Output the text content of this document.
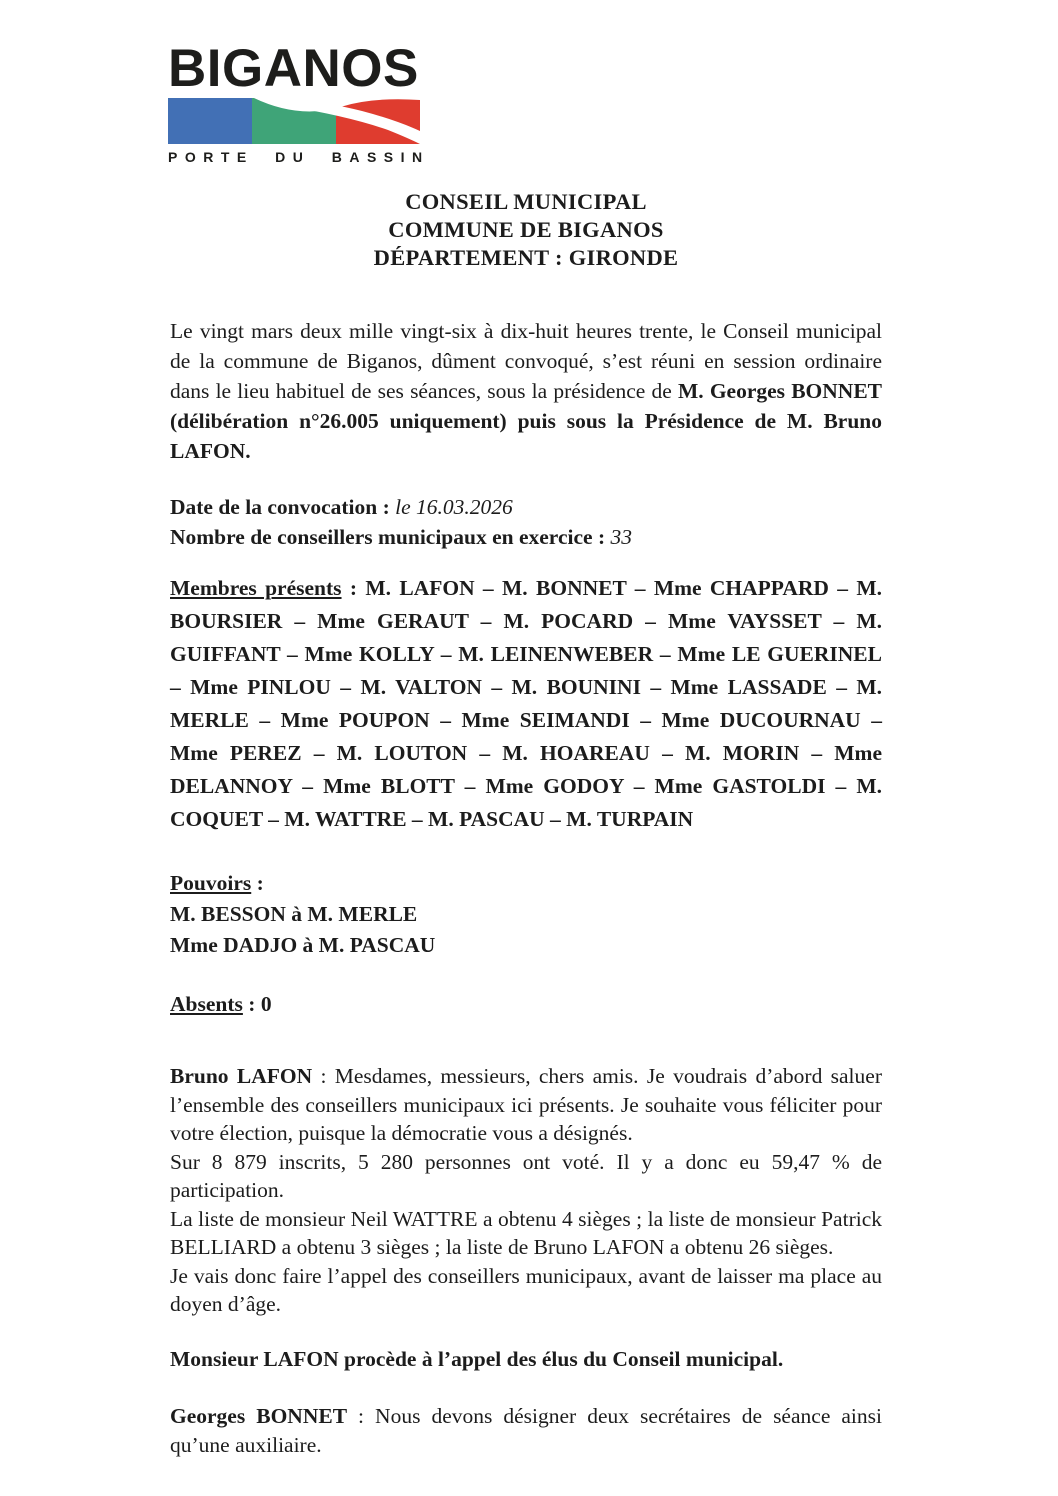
BIGANOS
PORTE DU BASSIN
CONSEIL MUNICIPAL
COMMUNE DE BIGANOS
DÉPARTEMENT : GIRONDE

Le vingt mars deux mille vingt-six à dix-huit heures trente, le Conseil municipal de la commune de Biganos, dûment convoqué, s’est réuni en session ordinaire dans le lieu habituel de ses séances, sous la présidence de M. Georges BONNET (délibération n°26.005 uniquement) puis sous la Présidence de M. Bruno LAFON.

Date de la convocation : le 16.03.2026

Nombre de conseillers municipaux en exercice : 33

Membres présents : M. LAFON – M. BONNET – Mme CHAPPARD – M. BOURSIER – Mme GERAUT – M. POCARD – Mme VAYSSET – M. GUIFFANT – Mme KOLLY – M. LEINENWEBER – Mme LE GUERINEL – Mme PINLOU – M. VALTON – M. BOUNINI – Mme LASSADE – M. MERLE – Mme POUPON – Mme SEIMANDI – Mme DUCOURNAU – Mme PEREZ – M. LOUTON – M. HOAREAU – M. MORIN – Mme DELANNOY – Mme BLOTT – Mme GODOY – Mme GASTOLDI – M. COQUET – M. WATTRE – M. PASCAU – M. TURPAIN

Pouvoirs :

M. BESSON à M. MERLE

Mme DADJO à M. PASCAU

Absents : 0

Bruno LAFON : Mesdames, messieurs, chers amis. Je voudrais d’abord saluer l’ensemble des conseillers municipaux ici présents. Je souhaite vous féliciter pour votre élection, puisque la démocratie vous a désignés.

Sur 8 879 inscrits, 5 280 personnes ont voté. Il y a donc eu 59,47 % de participation.

La liste de monsieur Neil WATTRE a obtenu 4 sièges ; la liste de monsieur Patrick BELLIARD a obtenu 3 sièges ; la liste de Bruno LAFON a obtenu 26 sièges.

Je vais donc faire l’appel des conseillers municipaux, avant de laisser ma place au doyen d’âge.

Monsieur LAFON procède à l’appel des élus du Conseil municipal.

Georges BONNET : Nous devons désigner deux secrétaires de séance ainsi qu’une auxiliaire.
